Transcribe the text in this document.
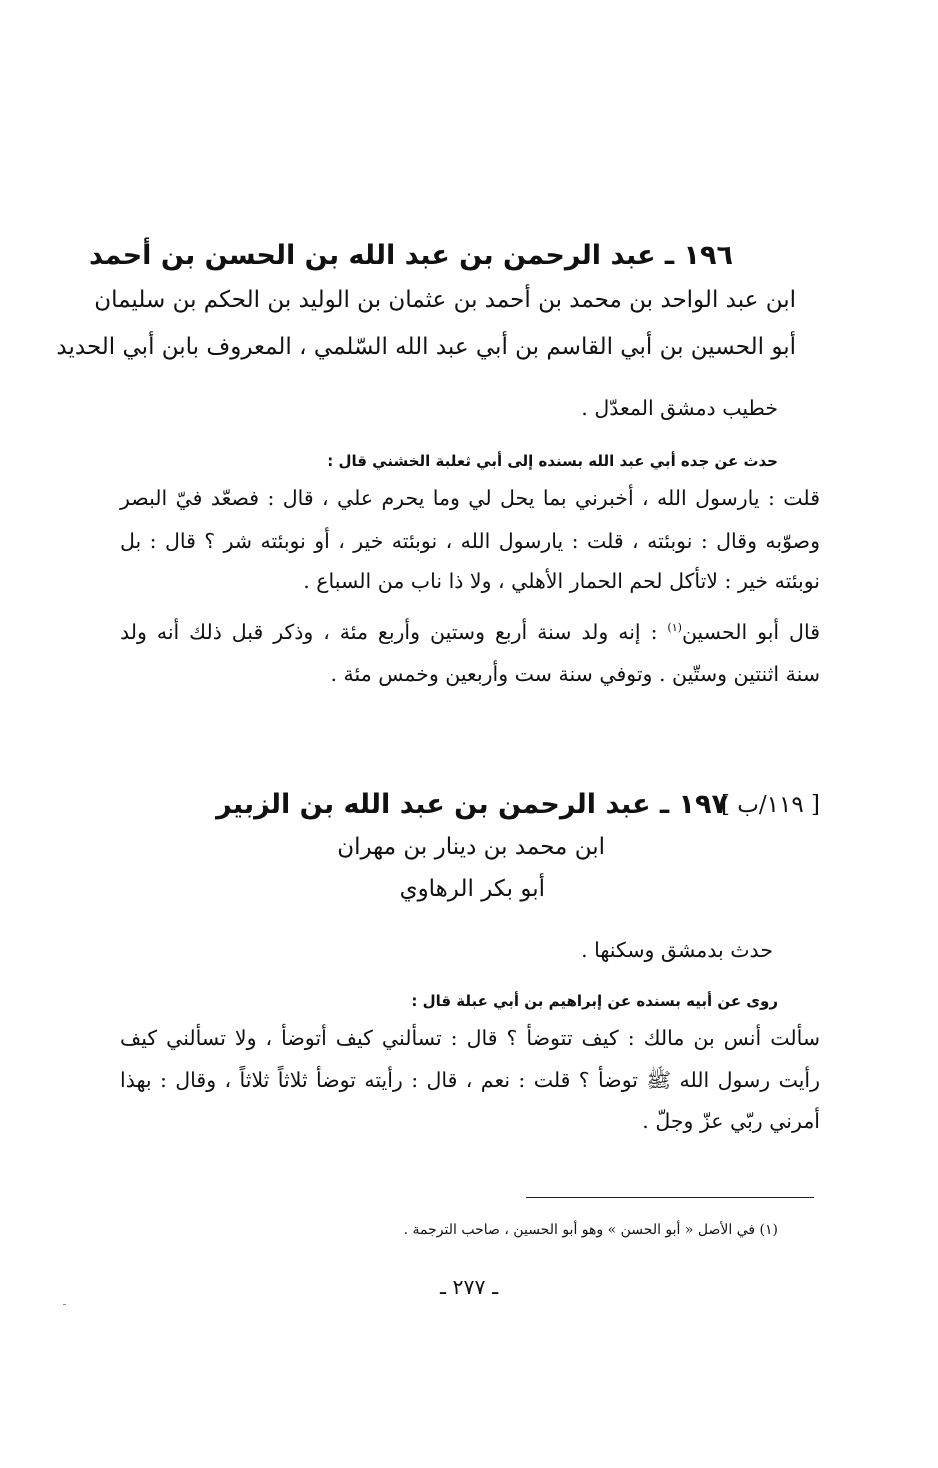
١٩٦ ـ عبد الرحمن بن عبد الله بن الحسن بن أحمد
ابن عبد الواحد بن محمد بن أحمد بن عثمان بن الوليد بن الحكم بن سليمان
أبو الحسين بن أبي القاسم بن أبي عبد الله السّلمي ، المعروف بابن أبي الحديد
خطيب دمشق المعدّل .
حدث عن جده أبي عبد الله بسنده إلى أبي ثعلبة الخشني قال :
قلت : يارسول الله ، أخبرني بما يحل لي وما يحرم علي ، قال : فصعّد فيّ البصر
وصوّبه وقال : نوبئته ، قلت : يارسول الله ، نوبئته خير ، أو نوبئته شر ؟ قال : بل
نوبئته خير : لاتأكل لحم الحمار الأهلي ، ولا ذا ناب من السباع .
قال أبو الحسين$^{(١)}$ : إنه ولد سنة أربع وستين وأربع مئة ، وذكر قبل ذلك أنه ولد
سنة اثنتين وستّين . وتوفي سنة ست وأربعين وخمس مئة .
[ ١١٩/ب ]
١٩٧ ـ عبد الرحمن بن عبد الله بن الزبير
ابن محمد بن دينار بن مهران
أبو بكر الرهاوي
حدث بدمشق وسكنها .
روى عن أبيه بسنده عن إبراهيم بن أبي عبلة قال :
سألت أنس بن مالك : كيف تتوضأ ؟ قال : تسألني كيف أتوضأ ، ولا تسألني كيف
رأيت رسول الله ﷺ توضأ ؟ قلت : نعم ، قال : رأيته توضأ ثلاثاً ثلاثاً ، وقال : بهذا
أمرني ربّي عزّ وجلّ .
(١) في الأصل « أبو الحسن » وهو أبو الحسين ، صاحب الترجمة .
ـ ٢٧٧ ـ
